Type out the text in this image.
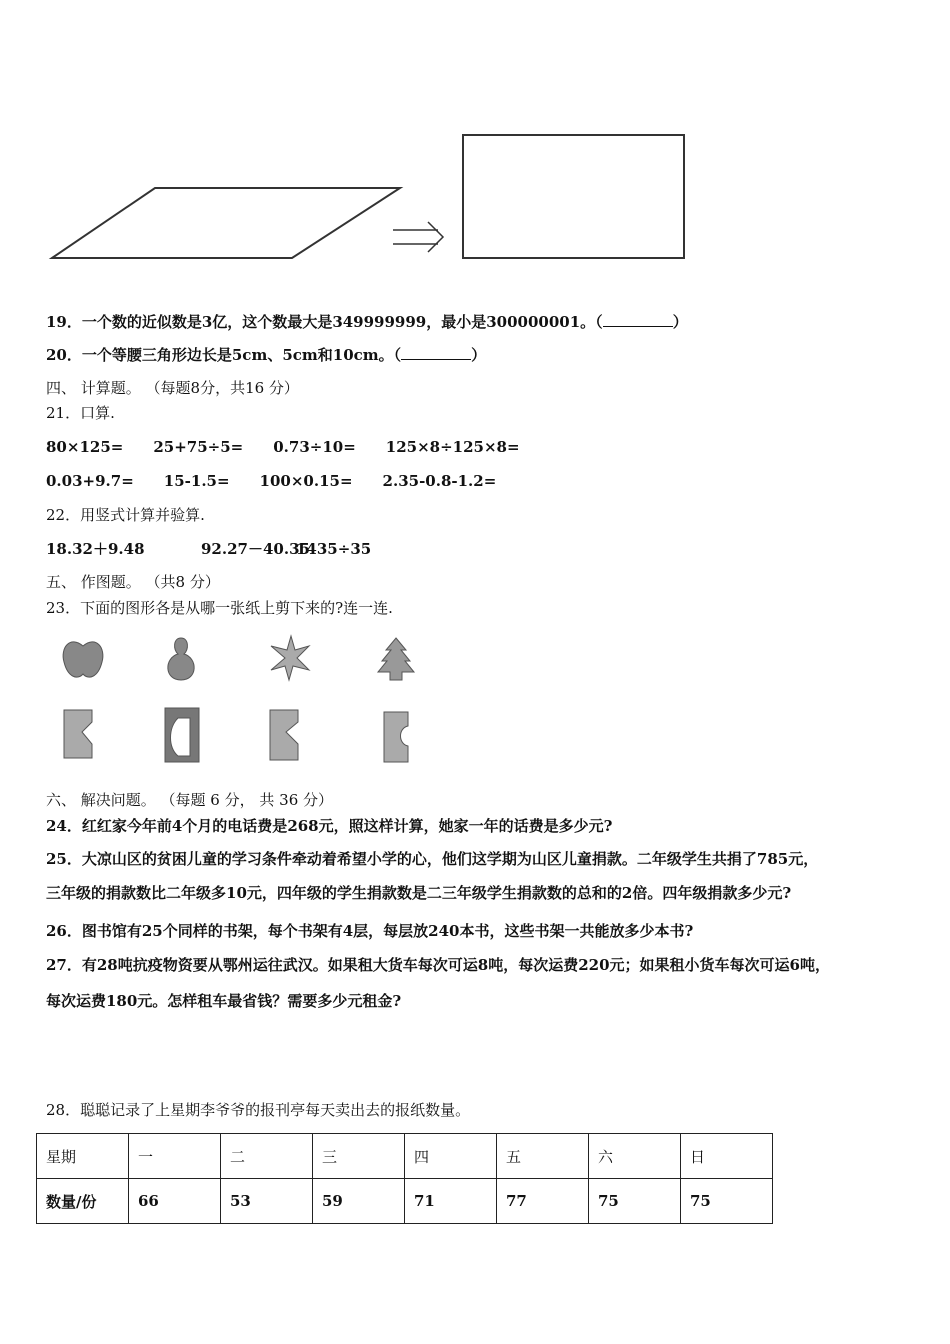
19．一个数的近似数是3亿，这个数最大是349999999，最小是300000001。（	）
20．一个等腰三角形边长是5cm、5cm和10cm。（	）
四、 计算题。 （每题8分，共16 分）
21．口算.
80×125= 25+75÷5= 0.73÷10= 125×8÷125×8=
0.03+9.7= 15-1.5= 100×0.15= 2.35-0.8-1.2=
22．用竖式计算并验算.
18.32＋9.48	92.27－40.351435÷35
五、 作图题。 （共8 分）
23．下面的图形各是从哪一张纸上剪下来的?连一连.
六、 解决问题。 （每题 6 分， 共 36 分）
24．红红家今年前4个月的电话费是268元，照这样计算，她家一年的话费是多少元?
25．大凉山区的贫困儿童的学习条件牵动着希望小学的心，他们这学期为山区儿童捐款。二年级学生共捐了785元，
三年级的捐款数比二年级多10元，四年级的学生捐款数是二三年级学生捐款数的总和的2倍。四年级捐款多少元?
26．图书馆有25个同样的书架，每个书架有4层，每层放240本书，这些书架一共能放多少本书?
27．有28吨抗疫物资要从鄂州运往武汉。如果租大货车每次可运8吨，每次运费220元；如果租小货车每次可运6吨，
每次运费180元。怎样租车最省钱？需要多少元租金?
28．聪聪记录了上星期李爷爷的报刊亭每天卖出去的报纸数量。
星期	一	二	三	四	五	六	日
数量/份	66	53	59	71	77	75	75
